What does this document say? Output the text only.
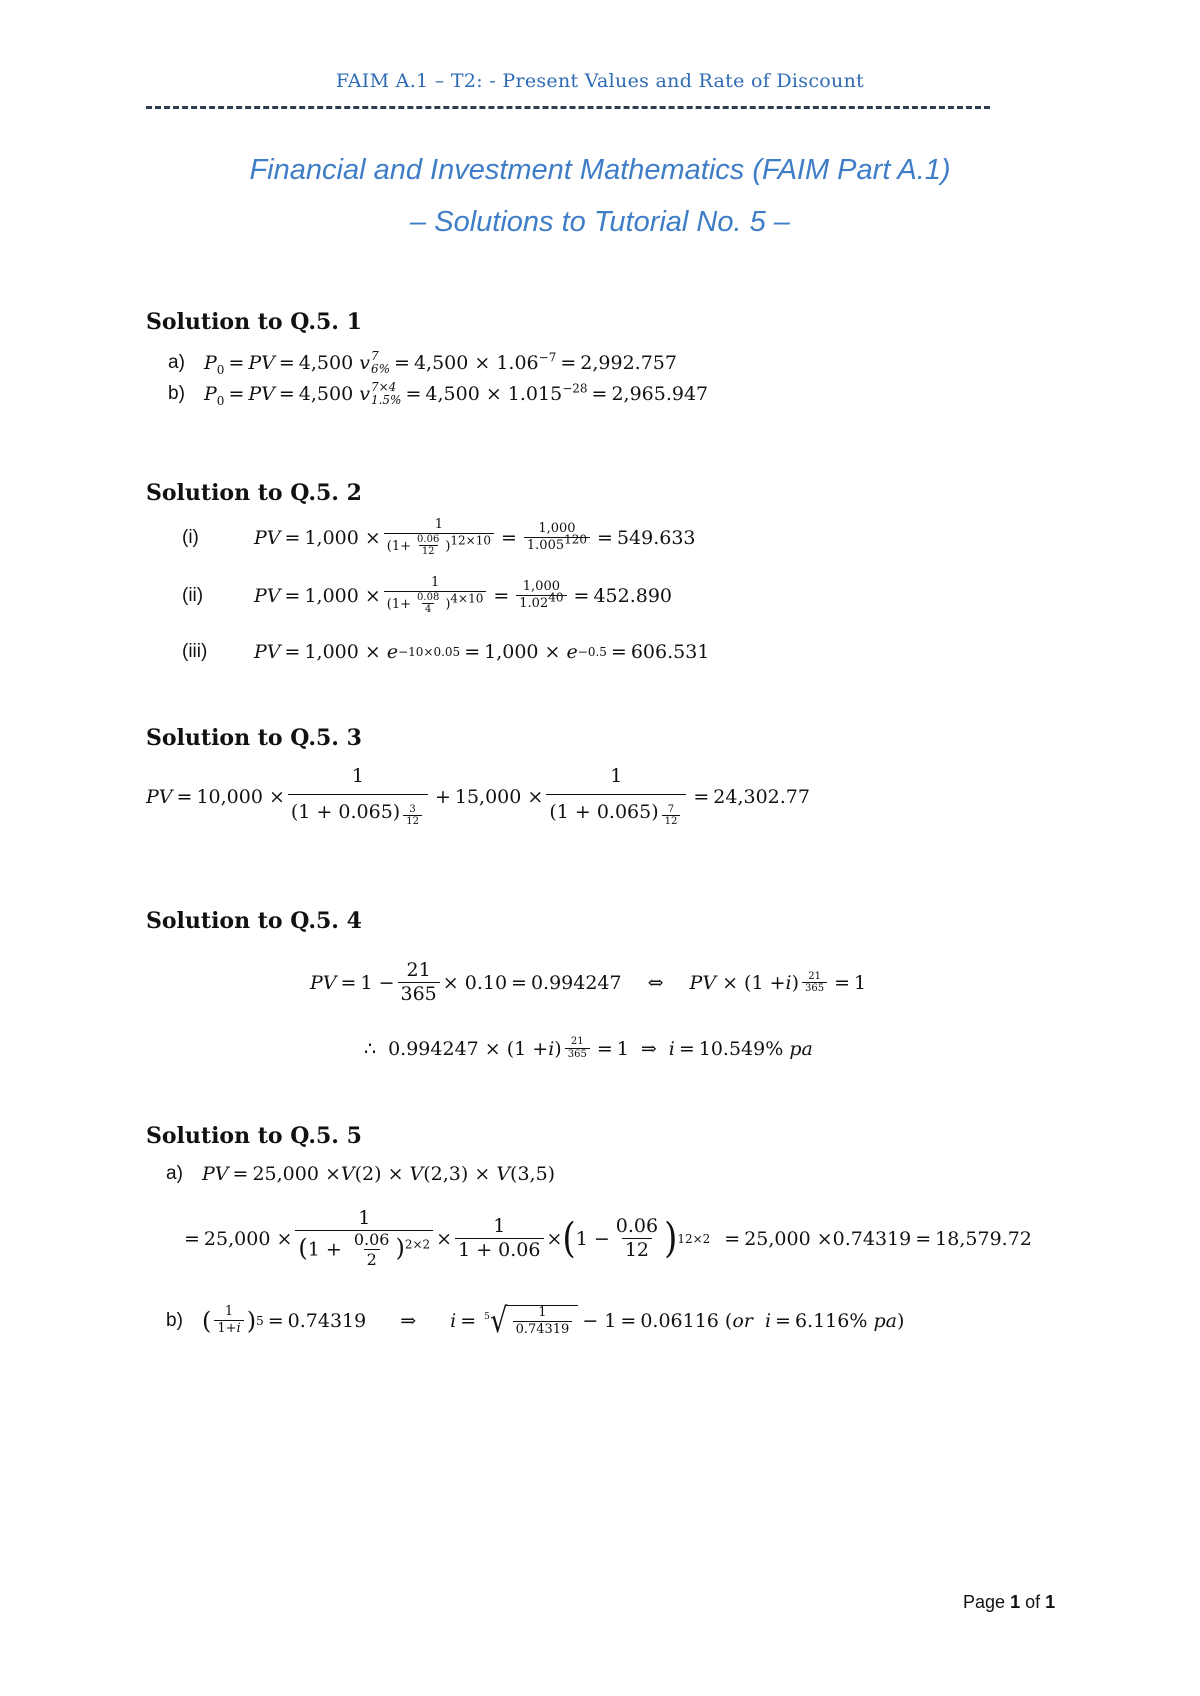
FAIM A.1 – T2: - Present Values and Rate of Discount
Financial and Investment Mathematics (FAIM Part A.1)
– Solutions to Tutorial No. 5 –
Solution to Q.5. 1
a)	$P_0$ = PV = 4,500 v 7
$6\% = 4,500 \times 1.06^{-7} = 2,992.757$
b)	$P_0$ = PV = 4,500 v 7×4
$1.5\% = 4,500 \times 1.015^{-28} = 2,965.947$
Solution to Q.5. 2
(i)	PV = $1,000 \times \frac{1}{(1+ \frac{0.06}{12} )^{12\times 10}} = \frac{1,000}{1.005^{120}} = 549.633$
(ii)	PV = $1,000 \times \frac{1}{(1+ \frac{0.08}{4} )^{4\times 10}} = \frac{1,000}{1.02^{40}} = 452.890$
(iii)	PV = 1,000 × e −10×0.05 = 1,000 × e −0.5 = 606.531
Solution to Q.5. 3
PV = $10,000 \times \frac{1}{(1 + 0.065) \frac{3}{12}} + 15,000 \times \frac{1}{(1 + 0.065) \frac{7}{12}} = 24,302.77$
Solution to Q.5. 4
PV = $1 - \frac{21}{365} \times 0.10 = 0.994247$ ⇔ PV × (1 + i ) $\frac{21}{365} = 1$
∴ 0.994247 × (1 + i ) $\frac{21}{365} = 1$ ⇒ i = 10.549%
pa
Solution to Q.5. 5
a)	PV = 25,000 × V (2) × V (2,3) × V (3,5)
= $25,000 \times \frac{1}{(1 + \frac{0.06}{2} )^{2\times 2}} \times \frac{1}{1 + 0.06}$ × ( $1 - \frac{0.06}{12}$ ) 12×2 = 25,000 × 0.74319 = 18,579.72
b) ( $\frac{1}{1+i}$ ) 5 = 0.74319 ⇒ i = 5 √ $\frac{1}{0.74319} - 1 = 0.06116$ ( or  i = 6.116%
pa )
Page 1 of 1
